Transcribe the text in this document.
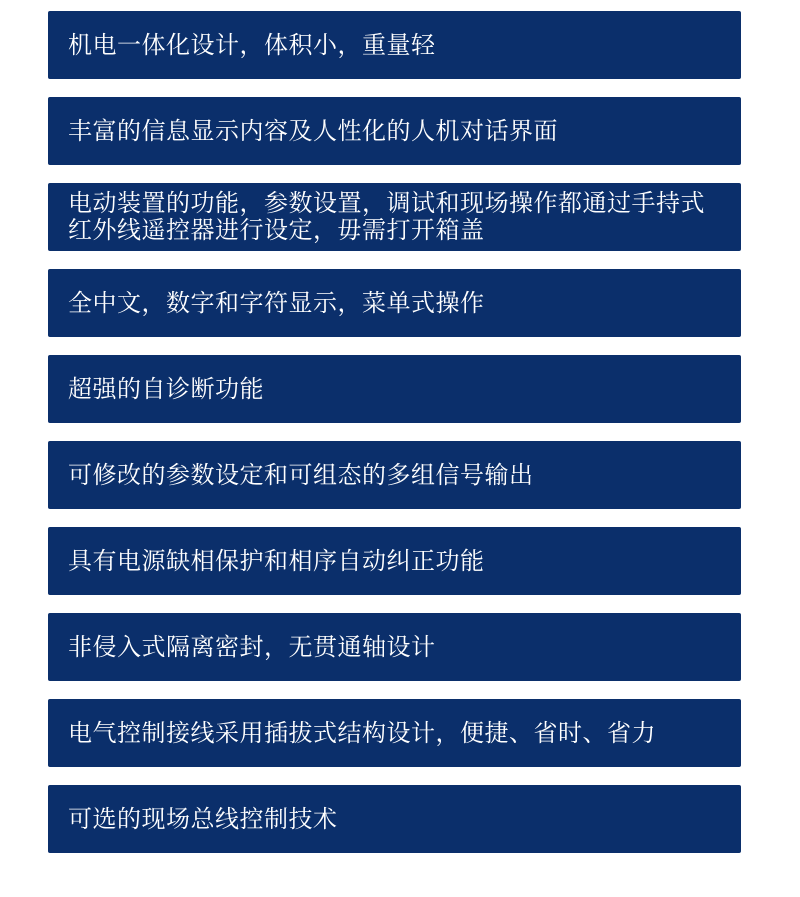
机电一体化设计，体积小，重量轻
丰富的信息显示内容及人性化的人机对话界面
电动装置的功能，参数设置，调试和现场操作都通过手持式红外线遥控器进行设定，毋需打开箱盖
全中文，数字和字符显示，菜单式操作
超强的自诊断功能
可修改的参数设定和可组态的多组信号输出
具有电源缺相保护和相序自动纠正功能
非侵入式隔离密封，无贯通轴设计
电气控制接线采用插拔式结构设计，便捷、省时、省力
可选的现场总线控制技术
